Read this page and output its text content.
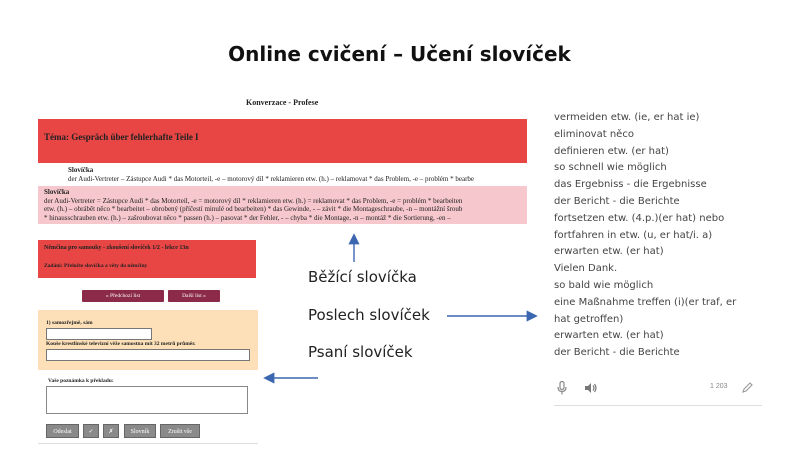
Online cvičení – Učení slovíček
Konverzace - Profese
Téma: Gespräch über fehlerhafte Teile I
Slovíčka
der Audi-Vertreter – Zástupce Audi * das Motorteil, -e – motorový díl * reklamieren etw. (h.) – reklamovat * das Problem, -e – problém * bearbe
Slovíčka
der Audi-Vertreter = Zástupce Audi * das Motorteil, -e = motorový díl * reklamieren etw. (h.) = reklamovat * das Problem, -e = problém * bearbeiten
etw. (h.) – obrábět něco * bearbeitet – obrobený (příčestí minulé od bearbeiten) * das Gewinde, - – závit * die Montageschraube, -n – montážní šroub
* hinausschrauben etw. (h.) – zašroubovat něco * passen (h.) – pasovat * der Fehler, - – chyba * die Montage, -n – montáž * die Sortierung, -en –
Němčina pro samouky - zkoušení slovíček 1/2 - lekce 13n
Zadání: Přeložte slovíčka a věty do němčiny
« Předchozí list	Další list »
1) samozřejmě, sám
Kouše krestlinské televizní věže samostna mít 32 metrů průměr.
Vaše poznámka k překladu:
Odeslat	✓	✗	Slovník	Zrušit vše
Běžící slovíčka
Poslech slovíček
Psaní slovíček
vermeiden etw. (ie, er hat ie)
eliminovat něco
definieren etw. (er hat)
so schnell wie möglich
das Ergebniss - die Ergebnisse
der Bericht - die Berichte
fortsetzen etw. (4.p.)(er hat) nebo
fortfahren in etw. (u, er hat/i. a)
erwarten etw. (er hat)
Vielen Dank.
so bald wie möglich
eine Maßnahme treffen (i)(er traf, er
hat getroffen)
erwarten etw. (er hat)
der Bericht - die Berichte
1 203
